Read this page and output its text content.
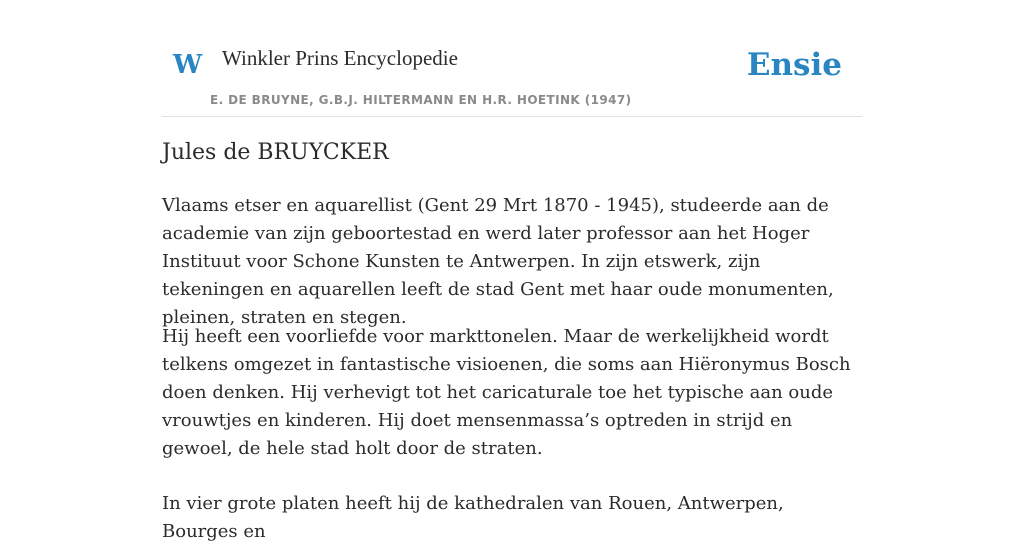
W Winkler Prins Encyclopedie
E. DE BRUYNE, G.B.J. HILTERMANN EN H.R. HOETINK (1947)
Ensie
Jules de BRUYCKER

Vlaams etser en aquarellist (Gent 29 Mrt 1870 - 1945), studeerde aan de academie van zijn geboortestad en werd later professor aan het Hoger Instituut voor Schone Kunsten te Antwerpen. In zijn etswerk, zijn tekeningen en aquarellen leeft de stad Gent met haar oude monumenten, pleinen, straten en stegen.

Hij heeft een voorliefde voor markttonelen. Maar de werkelijkheid wordt telkens omgezet in fantastische visioenen, die soms aan Hiëronymus Bosch doen denken. Hij verhevigt tot het caricaturale toe het typische aan oude vrouwtjes en kinderen. Hij doet mensenmassa’s optreden in strijd en gewoel, de hele stad holt door de straten.

In vier grote platen heeft hij de kathedralen van Rouen, Antwerpen, Bourges en
